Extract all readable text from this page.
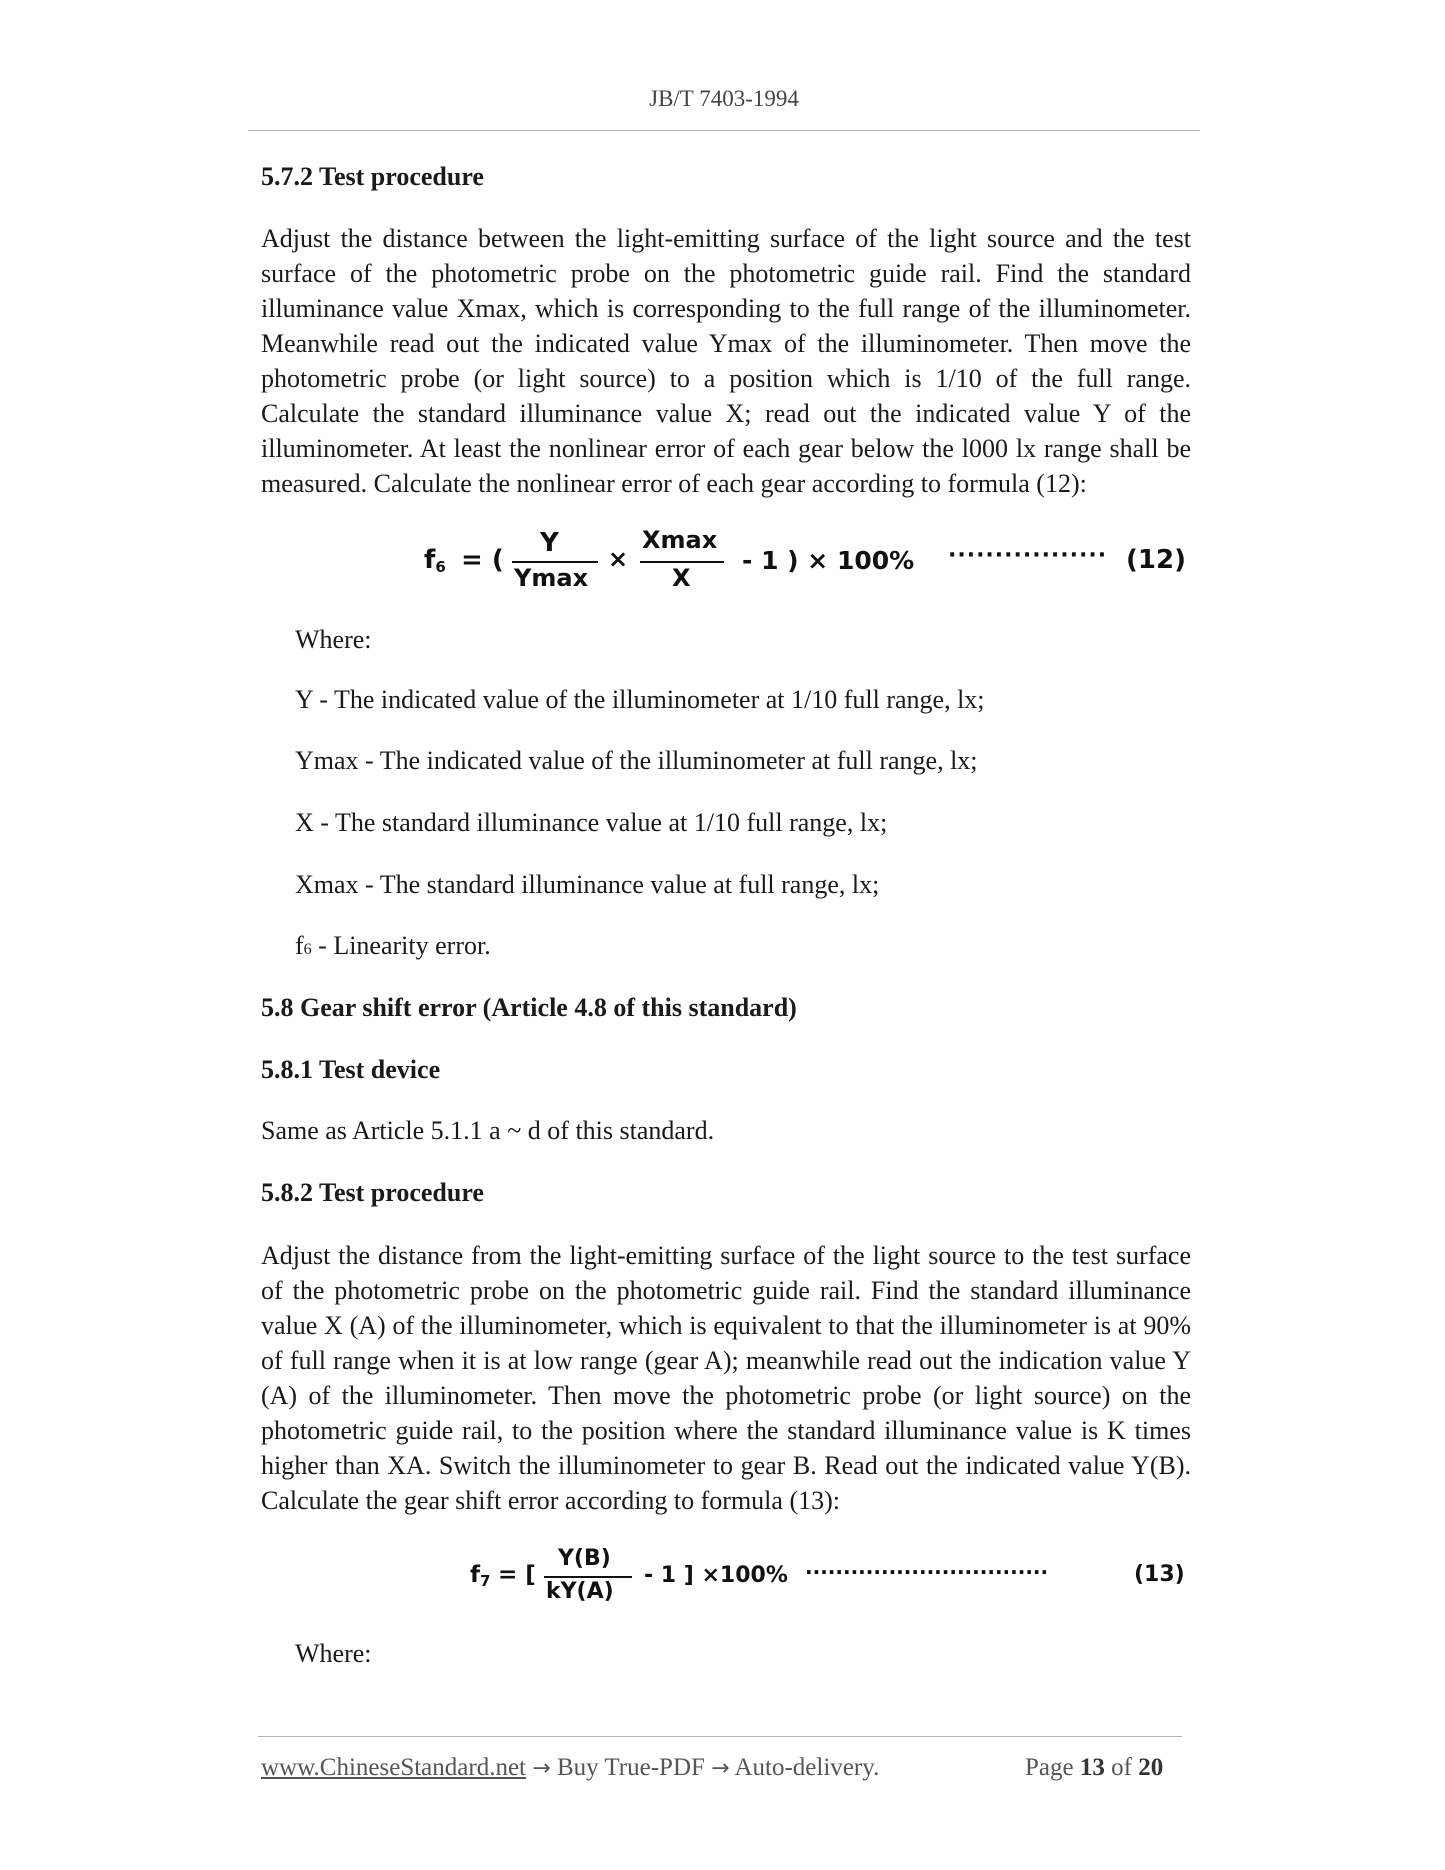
JB/T 7403-1994
5.7.2 Test procedure
Adjust the distance between the light-emitting surface of the light source and the test surface of the photometric probe on the photometric guide rail. Find the standard illuminance value Xmax, which is corresponding to the full range of the illuminometer. Meanwhile read out the indicated value Ymax of the illuminometer. Then move the photometric probe (or light source) to a position which is 1/10 of the full range. Calculate the standard illuminance value X; read out the indicated value Y of the illuminometer. At least the nonlinear error of each gear below the l000 lx range shall be measured. Calculate the nonlinear error of each gear according to formula (12):
$f_6$ = (
Y
Ymax
×
Xmax
X
- 1 ) × 100% ················· (12)
Where:
Y - The indicated value of the illuminometer at 1/10 full range, lx;
Ymax - The indicated value of the illuminometer at full range, lx;
X - The standard illuminance value at 1/10 full range, lx;
Xmax - The standard illuminance value at full range, lx;
f6 - Linearity error.
5.8 Gear shift error (Article 4.8 of this standard)
5.8.1 Test device
Same as Article 5.1.1 a ~ d of this standard.
5.8.2 Test procedure
Adjust the distance from the light-emitting surface of the light source to the test surface of the photometric probe on the photometric guide rail. Find the standard illuminance value X (A) of the illuminometer, which is equivalent to that the illuminometer is at 90% of full range when it is at low range (gear A); meanwhile read out the indication value Y (A) of the illuminometer. Then move the photometric probe (or light source) on the photometric guide rail, to the position where the standard illuminance value is K times higher than XA. Switch the illuminometer to gear B. Read out the indicated value Y(B). Calculate the gear shift error according to formula (13):
$f_7$ = [
Y(B)
kY(A)
- 1 ] ×100% ································	(13)
Where:
www.ChineseStandard.net → Buy True-PDF → Auto-delivery.	Page 13 of 20
